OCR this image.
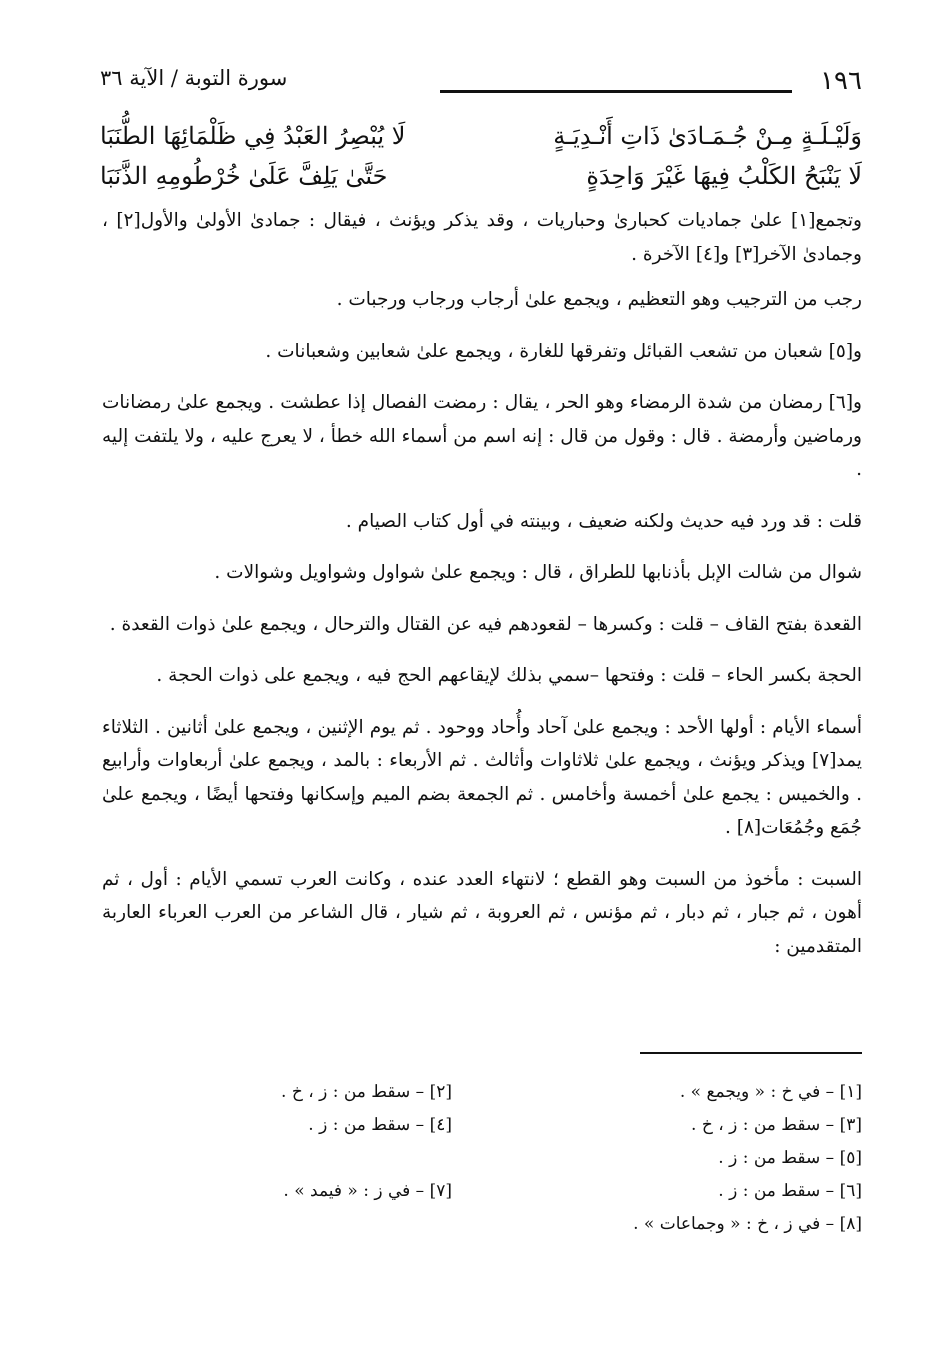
١٩٦
سورة التوبة / الآية ٣٦
وَلَيْـلَـةٍ مِـنْ جُـمَـادَىٰ ذَاتِ أَنْـدِيَـةٍ
لَا يُبْصِرُ العَبْدُ فِي ظَلْمَائِهَا الطُّنَبَا
لَا يَنْبَحُ الكَلْبُ فِيهَا غَيْرَ وَاحِدَةٍ
حَتَّىٰ يَلِفَّ عَلَىٰ خُرْطُومِهِ الذَّنَبَا

وتجمع[١] علىٰ جماديات كحبارىٰ وحباريات ، وقد يذكر ويؤنث ، فيقال : جمادىٰ الأولىٰ والأول[٢] ، وجمادىٰ الآخر[٣] و[٤] الآخرة .

رجب من الترجيب وهو التعظيم ، ويجمع علىٰ أرجاب ورجاب ورجبات .

و[٥] شعبان من تشعب القبائل وتفرقها للغارة ، ويجمع علىٰ شعابين وشعبانات .

و[٦] رمضان من شدة الرمضاء وهو الحر ، يقال : رمضت الفصال إذا عطشت . ويجمع علىٰ رمضانات ورماضين وأرمضة . قال : وقول من قال : إنه اسم من أسماء الله خطأ ، لا يعرج عليه ، ولا يلتفت إليه .

قلت : قد ورد فيه حديث ولكنه ضعيف ، وبينته في أول كتاب الصيام .

شوال من شالت الإبل بأذنابها للطراق ، قال : ويجمع علىٰ شواول وشواويل وشوالات .

القعدة بفتح القاف – قلت : وكسرها – لقعودهم فيه عن القتال والترحال ، ويجمع علىٰ ذوات القعدة .

الحجة بكسر الحاء – قلت : وفتحها –سمي بذلك لإيقاعهم الحج فيه ، ويجمع على ذوات الحجة .

أسماء الأيام : أولها الأحد : ويجمع علىٰ آحاد وأُحاد ووحود . ثم يوم الإثنين ، ويجمع علىٰ أثانين . الثلاثاء يمد[٧] ويذكر ويؤنث ، ويجمع علىٰ ثلاثاوات وأثالث . ثم الأربعاء : بالمد ، ويجمع علىٰ أربعاوات وأرابيع . والخميس : يجمع علىٰ أخمسة وأخامس . ثم الجمعة بضم الميم وإسكانها وفتحها أيضًا ، ويجمع علىٰ جُمَع وجُمُعَات[٨] .

السبت : مأخوذ من السبت وهو القطع ؛ لانتهاء العدد عنده ، وكانت العرب تسمي الأيام : أول ، ثم أهون ، ثم جبار ، ثم دبار ، ثم مؤنس ، ثم العروبة ، ثم شيار ، قال الشاعر من العرب العرباء العاربة المتقدمين :

[١] – في خ : « ويجمع » .
[٢] – سقط من : ز ، خ .
[٣] – سقط من : ز ، خ .
[٤] – سقط من : ز .
[٥] – سقط من : ز .
[٦] – سقط من : ز .
[٧] – في ز : « فيمد » .
[٨] – في ز ، خ : « وجماعات » .
